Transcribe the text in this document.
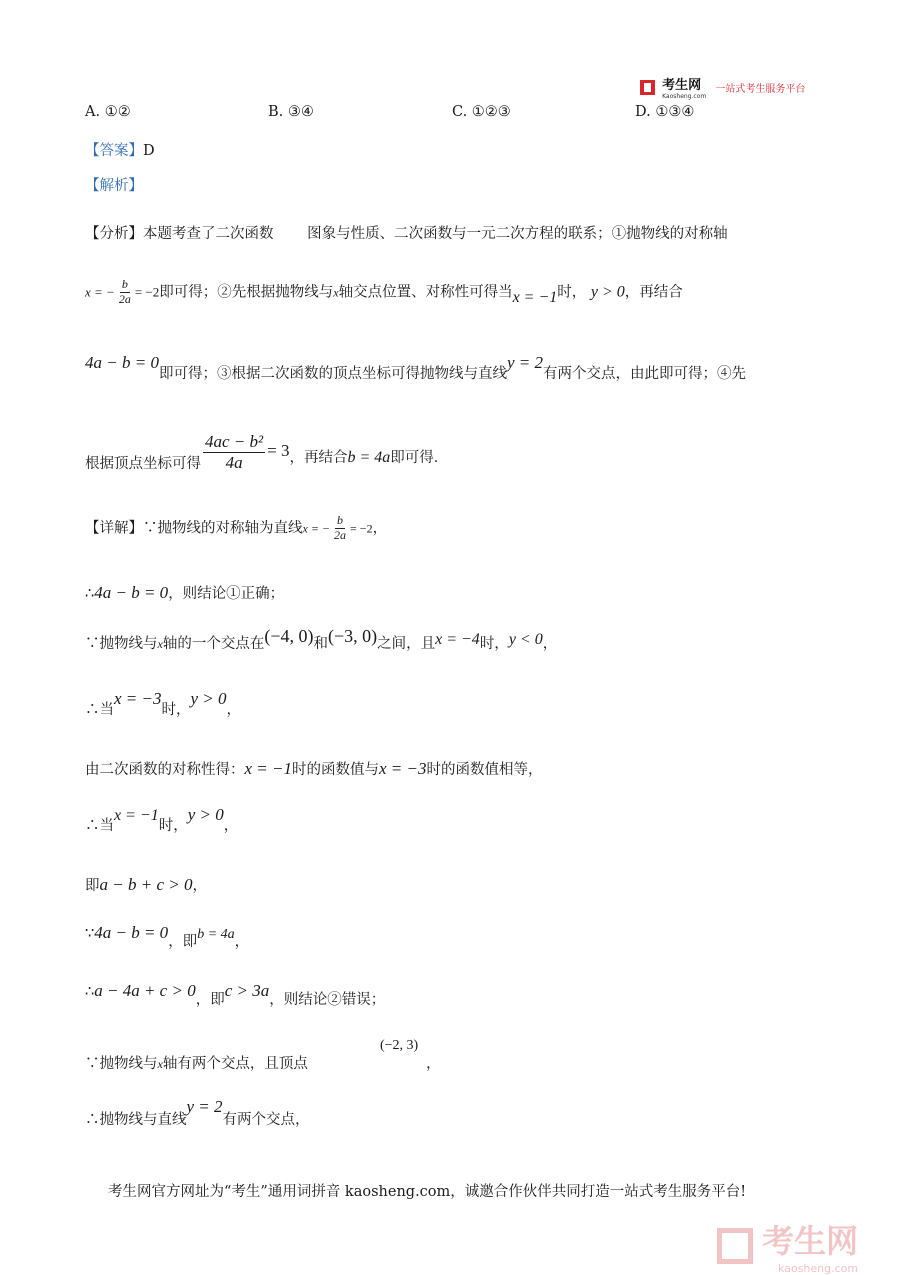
考生网
Kaosheng.com
一站式考生服务平台
A. ①②	B. ③④	C. ①②③	D. ①③④
【答案】D
【解析】
【分析】本题考查了二次函数　　 图象与性质、二次函数与一元二次方程的联系；①抛物线的对称轴
x = − $\frac{b}{2a} = -2$即可得；②先根据抛物线与x轴交点位置、对称性可得当x = −1时， y > 0，再结合
4a − b = 0即可得；③根据二次函数的顶点坐标可得抛物线与直线y = 2有两个交点，由此即可得；④先
根据顶点坐标可得 $\frac{\text{4ac − b²}}{4a} = 3$，再结合b = 4a即可得．
【详解】∵抛物线的对称轴为直线x = − $\frac{b}{2a} = -2$，
∴4a − b = 0，则结论①正确；
∵抛物线与x轴的一个交点在(−4, 0)和(−3, 0)之间，且x = −4时，y < 0，
∴当x = −3时，y > 0，
由二次函数的对称性得：x = −1时的函数值与x = −3时的函数值相等，
∴当x = −1时，y > 0，
即a − b + c > 0，
∵4a − b = 0，即b = 4a，
∴a − 4a + c > 0，即c > 3a，则结论②错误；
∵抛物线与x轴有两个交点，且顶点
(−2, 3)
，
∴抛物线与直线y = 2有两个交点，
考生网官方网址为“考生”通用词拼音 kaosheng.com，诚邀合作伙伴共同打造一站式考生服务平台!

考生网
kaosheng.com
